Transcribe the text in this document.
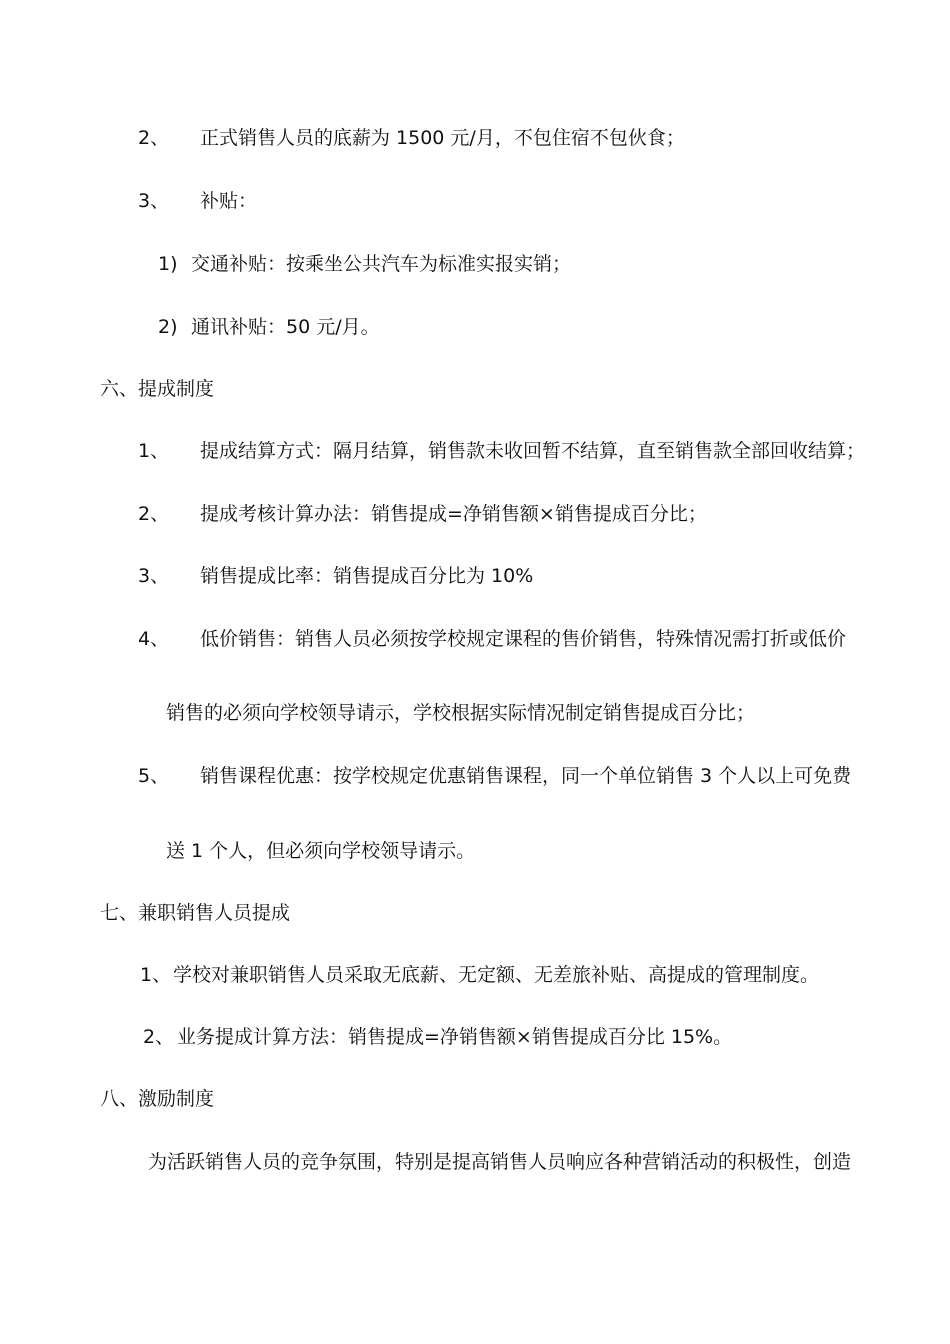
2、 正式销售人员的底薪为 1500 元/月，不包住宿不包伙食；
3、 补贴：
1) 交通补贴：按乘坐公共汽车为标准实报实销；
2) 通讯补贴：50 元/月。
六、提成制度
1、 提成结算方式：隔月结算，销售款未收回暂不结算，直至销售款全部回收结算；
2、 提成考核计算办法：销售提成=净销售额×销售提成百分比；
3、 销售提成比率：销售提成百分比为 10%
4、 低价销售：销售人员必须按学校规定课程的售价销售，特殊情况需打折或低价
销售的必须向学校领导请示，学校根据实际情况制定销售提成百分比；
5、 销售课程优惠：按学校规定优惠销售课程，同一个单位销售 3 个人以上可免费
送 1 个人，但必须向学校领导请示。
七、兼职销售人员提成
1、 学校对兼职销售人员采取无底薪、无定额、无差旅补贴、高提成的管理制度。
2、 业务提成计算方法：销售提成=净销售额×销售提成百分比 15%。
八、激励制度
为活跃销售人员的竞争氛围，特别是提高销售人员响应各种营销活动的积极性，创造
